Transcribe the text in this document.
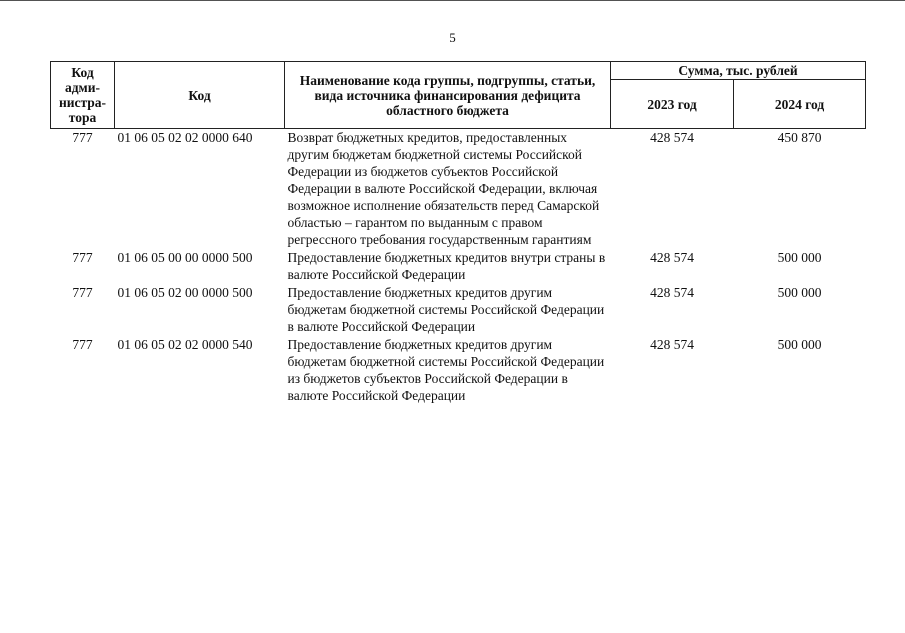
5
Код адми-нистра-тора	Код	Наименование кода группы, подгруппы, статьи, вида источника финансирования дефицита областного бюджета	Сумма, тыс. рублей	
			2023 год	2024 год
777	01 06 05 02 02 0000 640	Возврат бюджетных кредитов, предоставленных другим бюджетам бюджетной системы Российской Федерации из бюджетов субъектов Российской Федерации в валюте Российской Федерации, включая возможное исполнение обязательств перед Самарской областью – гарантом по выданным с правом регрессного требования государственным гарантиям	428 574	450 870
777	01 06 05 00 00 0000 500	Предоставление бюджетных кредитов внутри страны в валюте Российской Федерации	428 574	500 000
777	01 06 05 02 00 0000 500	Предоставление бюджетных кредитов другим бюджетам бюджетной системы Российской Федерации в валюте Российской Федерации	428 574	500 000
777	01 06 05 02 02 0000 540	Предоставление бюджетных кредитов другим бюджетам бюджетной системы Российской Федерации из бюджетов субъектов Российской Федерации в валюте Российской Федерации	428 574	500 000
